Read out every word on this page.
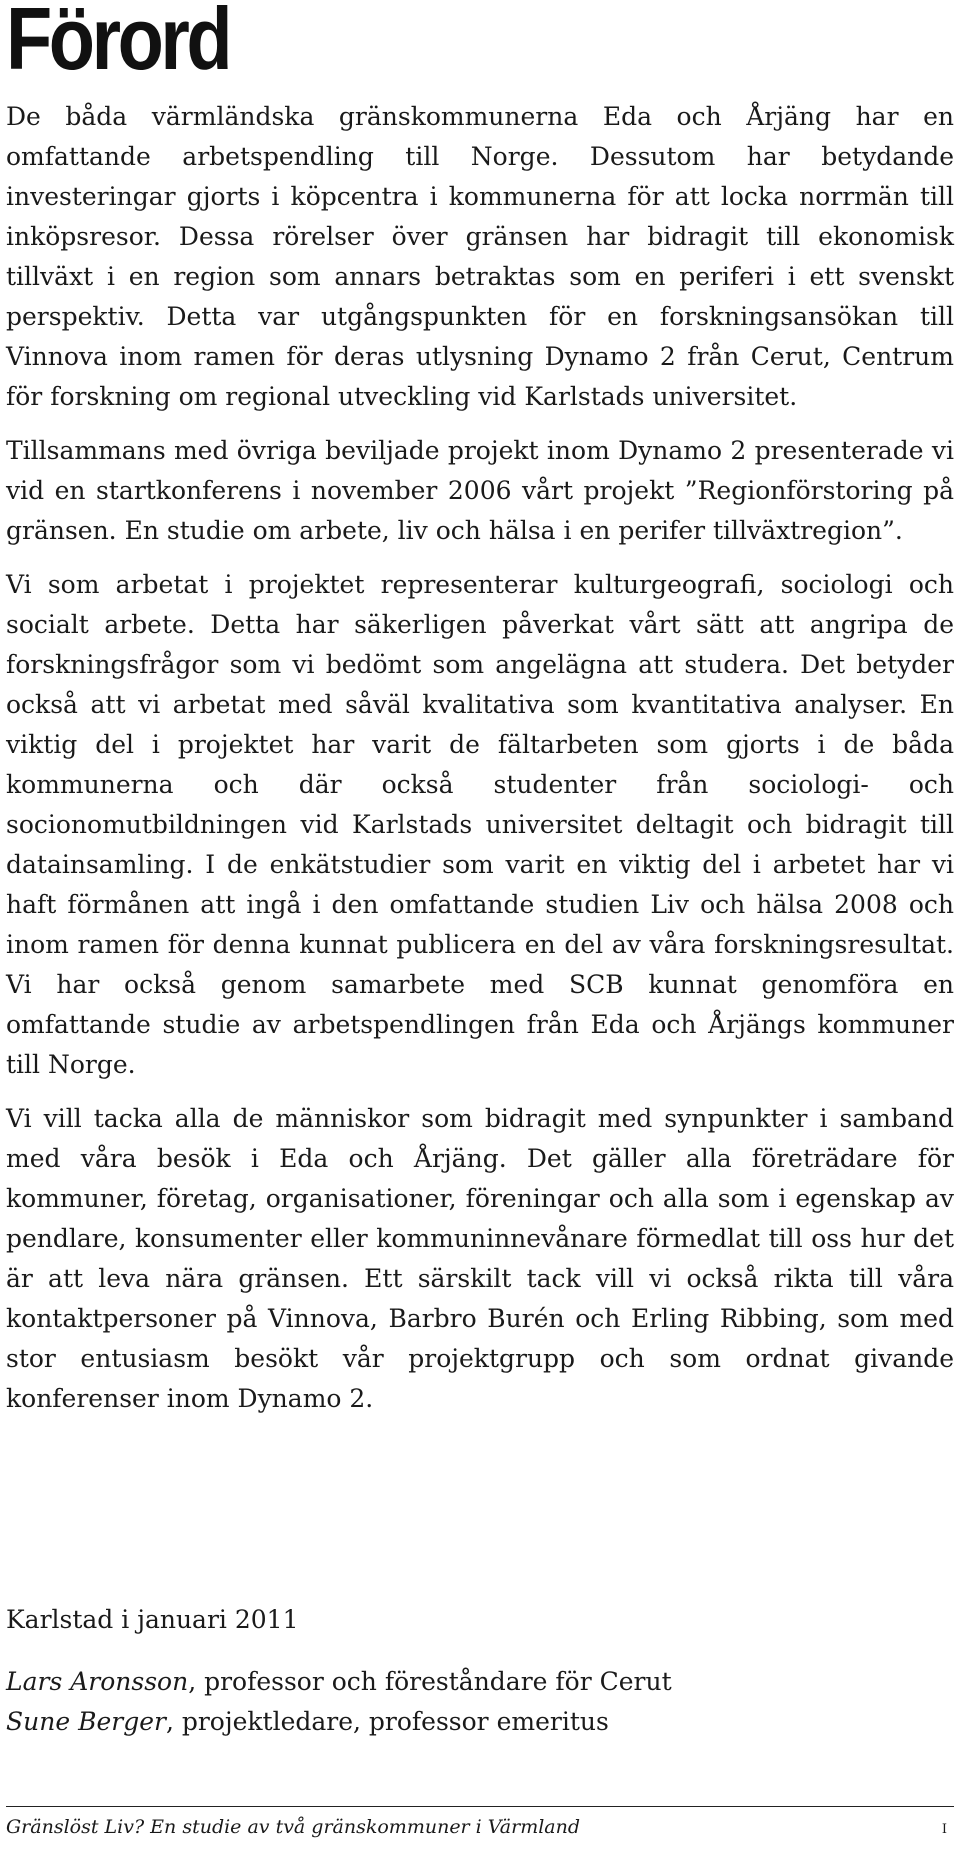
Förord

De båda värmländska gränskommunerna Eda och Årjäng har en omfattande arbetspendling till Norge. Dessutom har betydande investeringar gjorts i köpcentra i kommunerna för att locka norrmän till inköpsresor. Dessa rörelser över gränsen har bidragit till ekonomisk tillväxt i en region som annars betraktas som en periferi i ett svenskt perspektiv. Detta var utgångspunkten för en forskningsansökan till Vinnova inom ramen för deras utlysning Dynamo 2 från Cerut, Centrum för forskning om regional utveckling vid Karlstads universitet.

Tillsammans med övriga beviljade projekt inom Dynamo 2 presenterade vi vid en startkonferens i november 2006 vårt projekt ”Regionförstoring på gränsen. En studie om arbete, liv och hälsa i en perifer tillväxtregion”.

Vi som arbetat i projektet representerar kulturgeografi, sociologi och socialt arbete. Detta har säkerligen påverkat vårt sätt att angripa de forskningsfrågor som vi bedömt som angelägna att studera. Det betyder också att vi arbetat med såväl kvalitativa som kvantitativa analyser. En viktig del i projektet har varit de fältarbeten som gjorts i de båda kommunerna och där också studenter från sociologi- och socionomutbildningen vid Karlstads universitet deltagit och bidragit till datainsamling. I de enkätstudier som varit en viktig del i arbetet har vi haft förmånen att ingå i den omfattande studien Liv och hälsa 2008 och inom ramen för denna kunnat publicera en del av våra forskningsresultat. Vi har också genom samarbete med SCB kunnat genomföra en omfattande studie av arbetspendlingen från Eda och Årjängs kommuner till Norge.

Vi vill tacka alla de människor som bidragit med synpunkter i samband med våra besök i Eda och Årjäng. Det gäller alla företrädare för kommuner, företag, organisationer, föreningar och alla som i egenskap av pendlare, konsumenter eller kommuninnevånare förmedlat till oss hur det är att leva nära gränsen. Ett särskilt tack vill vi också rikta till våra kontaktpersoner på Vinnova, Barbro Burén och Erling Ribbing, som med stor entusiasm besökt vår projektgrupp och som ordnat givande konferenser inom Dynamo 2.

Karlstad i januari 2011

Lars Aronsson, professor och föreståndare för Cerut

Sune Berger, projektledare, professor emeritus

Gränslöst Liv? En studie av två gränskommuner i Värmland	i
